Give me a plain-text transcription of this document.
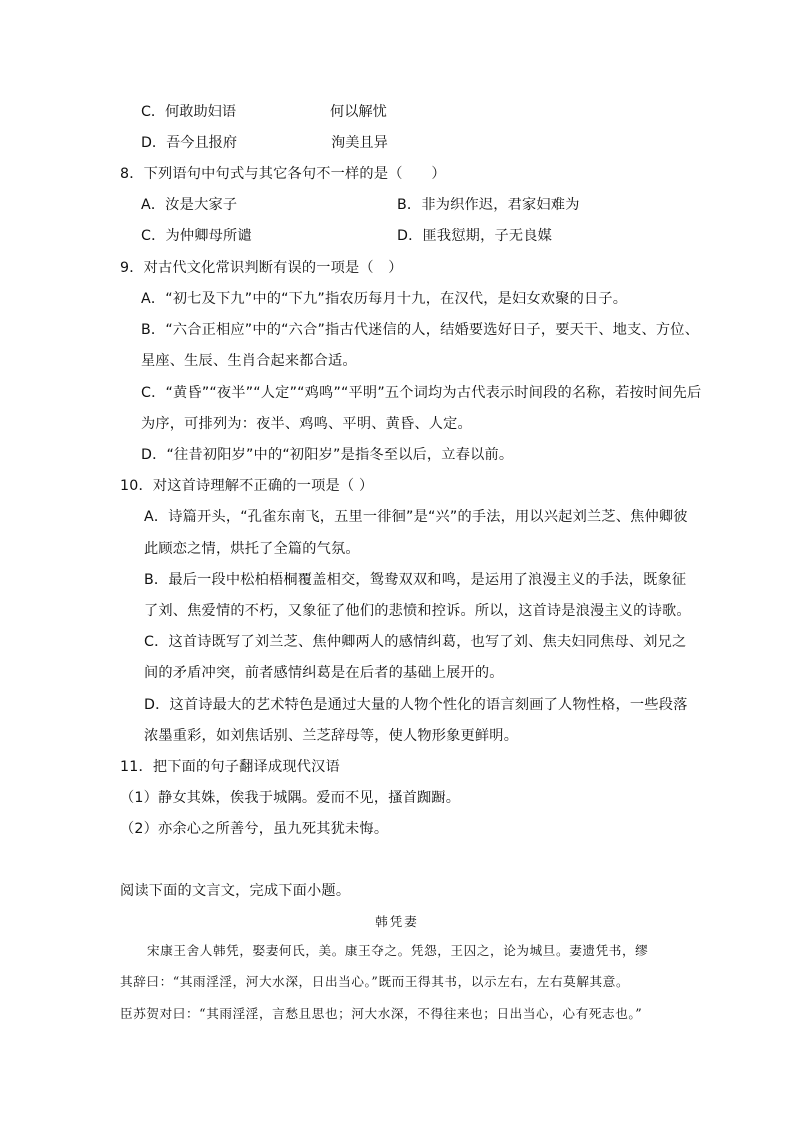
C．何敢助妇语	何以解忧
D．吾今且报府	洵美且异
8．下列语句中句式与其它各句不一样的是（　　）
A．汝是大家子	B．非为织作迟，君家妇难为
C．为仲卿母所谴	D．匪我愆期，子无良媒
9．对古代文化常识判断有误的一项是（　）
A．“初七及下九”中的“下九”指农历每月十九，在汉代，是妇女欢聚的日子。
B．“六合正相应”中的“六合”指古代迷信的人，结婚要选好日子，要天干、地支、方位、
星座、生辰、生肖合起来都合适。
C．“黄昏”“夜半”“人定”“鸡鸣”“平明”五个词均为古代表示时间段的名称，若按时间先后
为序，可排列为：夜半、鸡鸣、平明、黄昏、人定。
D．“往昔初阳岁”中的“初阳岁”是指冬至以后，立春以前。
10．对这首诗理解不正确的一项是（ ）
A．诗篇开头，“孔雀东南飞，五里一徘徊”是“兴”的手法，用以兴起刘兰芝、焦仲卿彼
此顾恋之情，烘托了全篇的气氛。
B．最后一段中松柏梧桐覆盖相交，鸳鸯双双和鸣，是运用了浪漫主义的手法，既象征
了刘、焦爱情的不朽，又象征了他们的悲愤和控诉。所以，这首诗是浪漫主义的诗歌。
C．这首诗既写了刘兰芝、焦仲卿两人的感情纠葛，也写了刘、焦夫妇同焦母、刘兄之
间的矛盾冲突，前者感情纠葛是在后者的基础上展开的。
D．这首诗最大的艺术特色是通过大量的人物个性化的语言刻画了人物性格，一些段落
浓墨重彩，如刘焦话别、兰芝辞母等，使人物形象更鲜明。
11．把下面的句子翻译成现代汉语
（1）静女其姝，俟我于城隅。爱而不见，搔首踟蹰。
（2）亦余心之所善兮，虽九死其犹未悔。
阅读下面的文言文，完成下面小题。
韩凭妻
宋康王舍人韩凭，娶妻何氏，美。康王夺之。凭怨，王囚之，论为城旦。妻遗凭书，缪
其辞曰：“其雨淫淫，河大水深，日出当心。”既而王得其书，以示左右，左右莫解其意。
臣苏贺对曰：“其雨淫淫，言愁且思也；河大水深，不得往来也；日出当心，心有死志也。”
